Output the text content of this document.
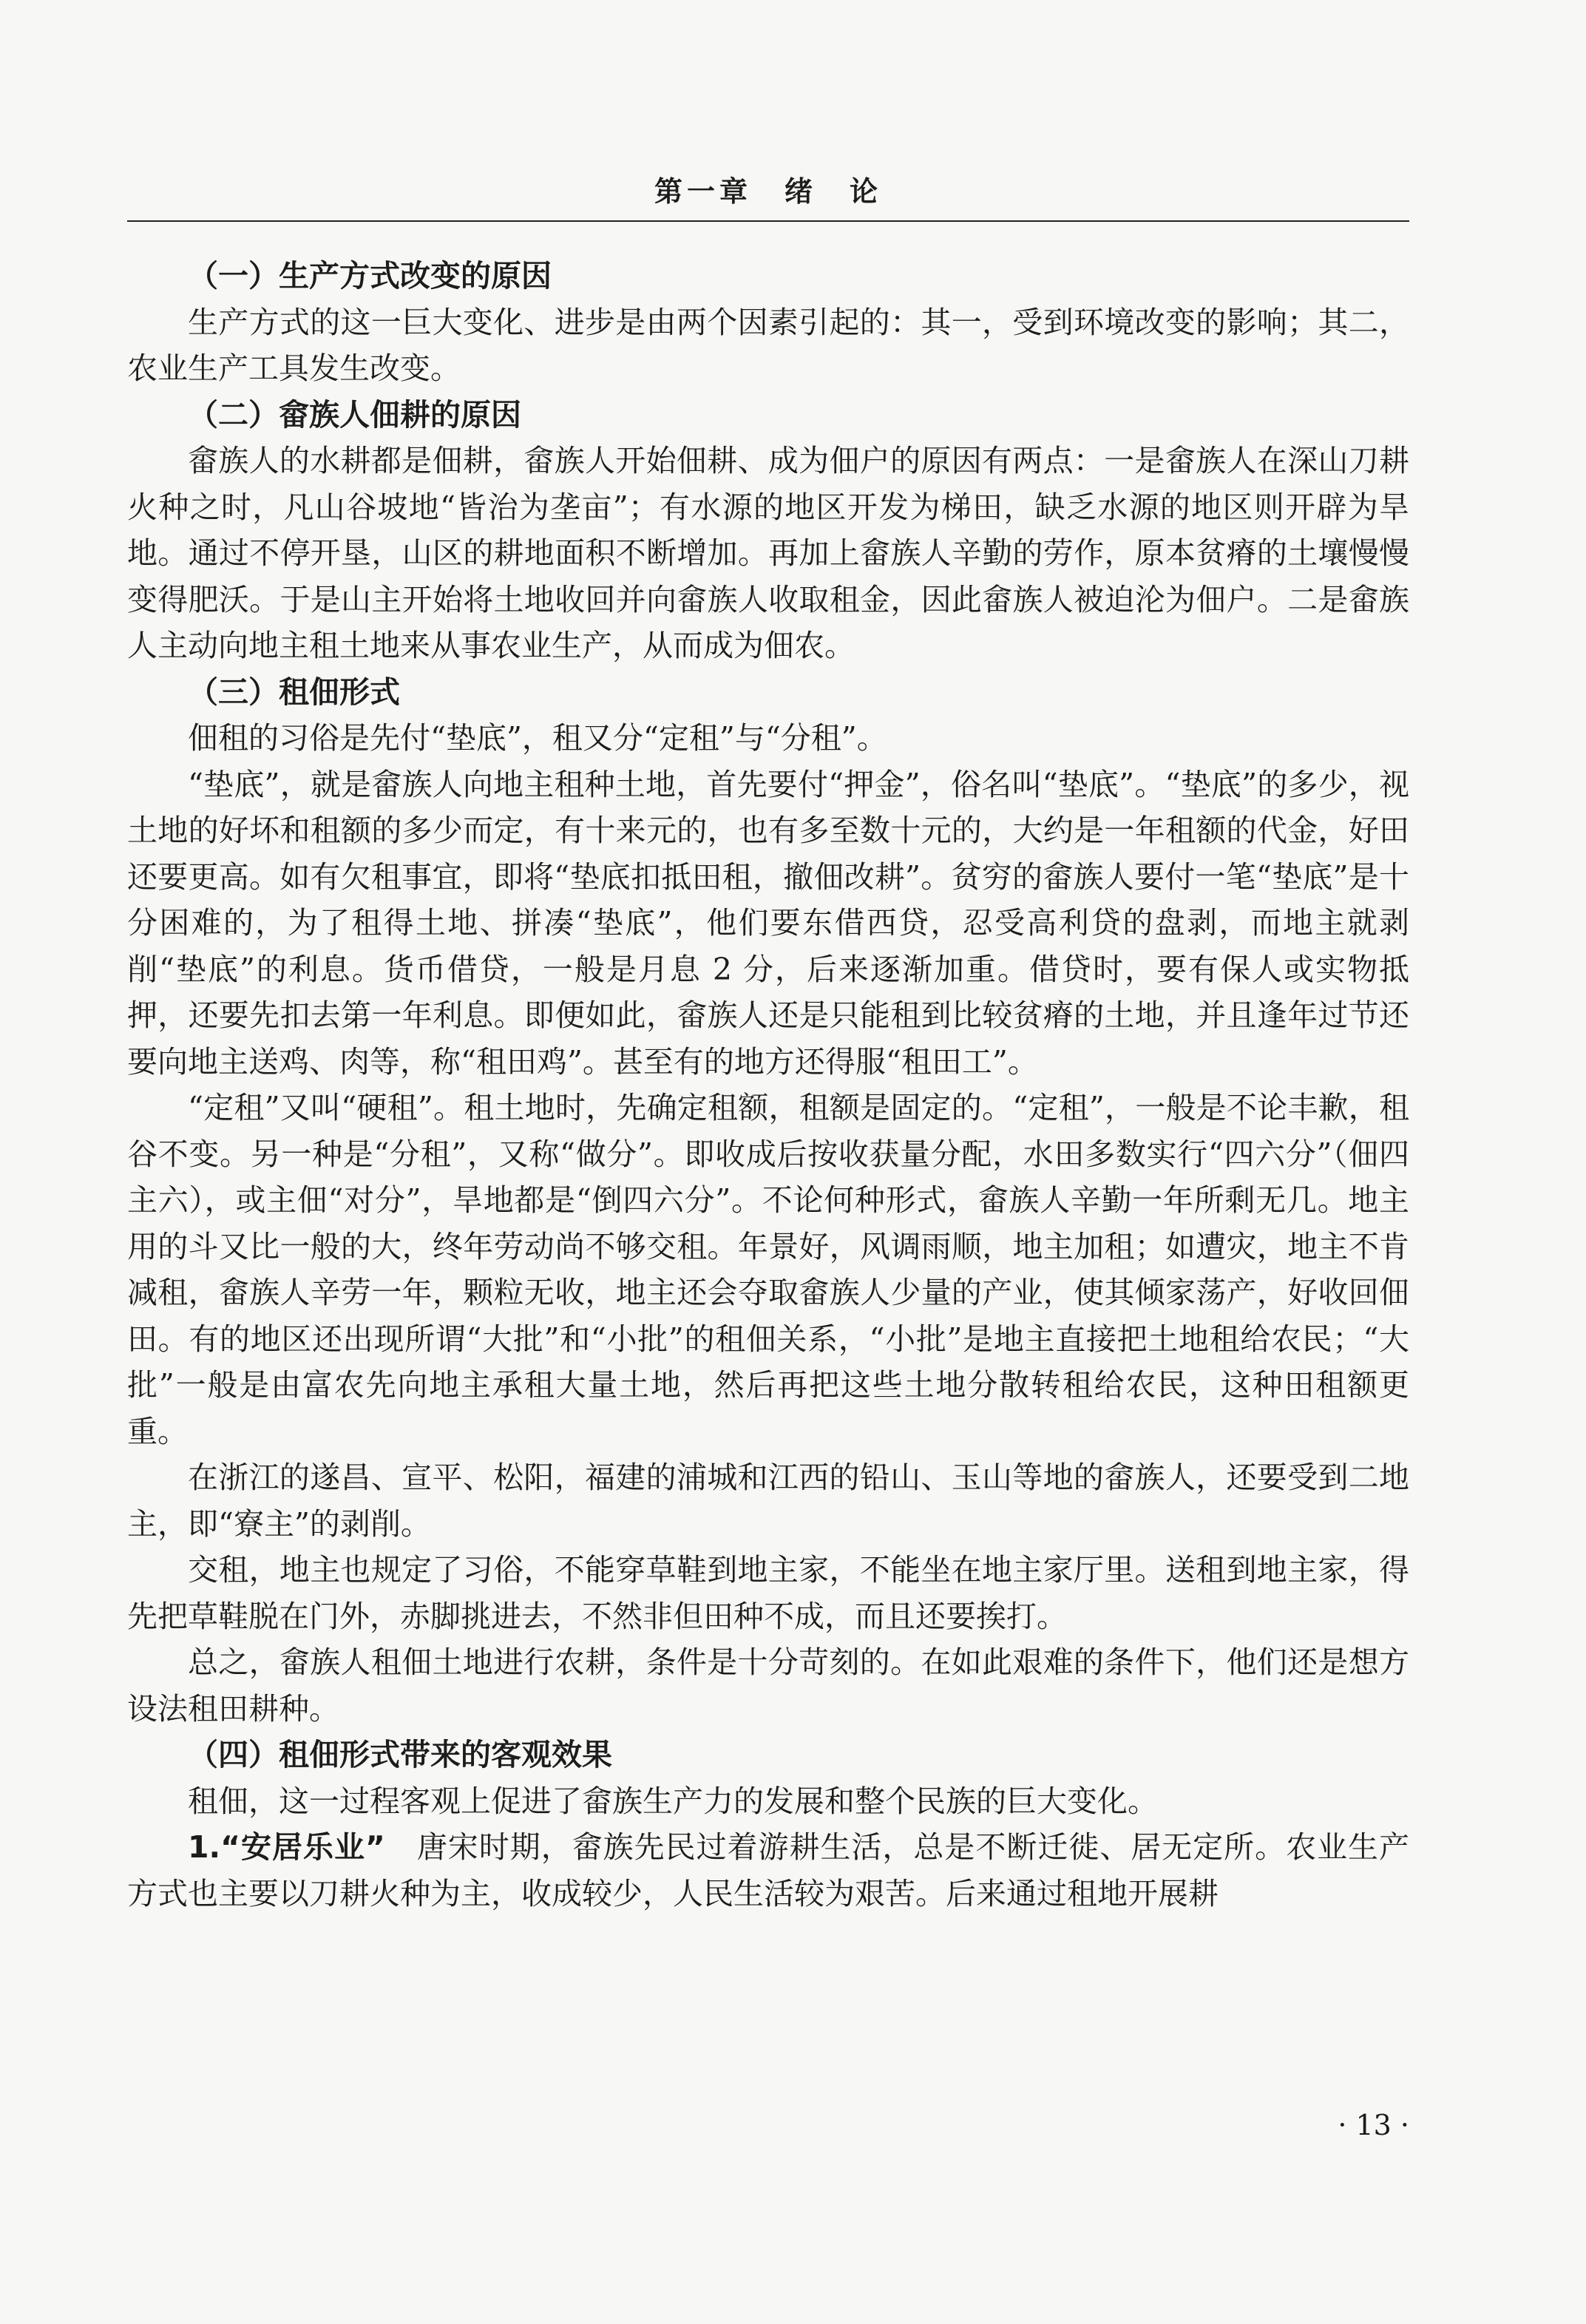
第一章 绪 论
（一）生产方式改变的原因

生产方式的这一巨大变化、进步是由两个因素引起的：其一，受到环境改变的影响；其二，农业生产工具发生改变。

（二）畲族人佃耕的原因

畲族人的水耕都是佃耕，畲族人开始佃耕、成为佃户的原因有两点：一是畲族人在深山刀耕火种之时，凡山谷坡地“皆治为垄亩”；有水源的地区开发为梯田，缺乏水源的地区则开辟为旱地。通过不停开垦，山区的耕地面积不断增加。再加上畲族人辛勤的劳作，原本贫瘠的土壤慢慢变得肥沃。于是山主开始将土地收回并向畲族人收取租金，因此畲族人被迫沦为佃户。二是畲族人主动向地主租土地来从事农业生产，从而成为佃农。

（三）租佃形式

佃租的习俗是先付“垫底”，租又分“定租”与“分租”。

“垫底”，就是畲族人向地主租种土地，首先要付“押金”，俗名叫“垫底”。“垫底”的多少，视土地的好坏和租额的多少而定，有十来元的，也有多至数十元的，大约是一年租额的代金，好田还要更高。如有欠租事宜，即将“垫底扣抵田租，撤佃改耕”。贫穷的畲族人要付一笔“垫底”是十分困难的，为了租得土地、拼凑“垫底”，他们要东借西贷，忍受高利贷的盘剥，而地主就剥削“垫底”的利息。货币借贷，一般是月息 2 分，后来逐渐加重。借贷时，要有保人或实物抵押，还要先扣去第一年利息。即便如此，畲族人还是只能租到比较贫瘠的土地，并且逢年过节还要向地主送鸡、肉等，称“租田鸡”。甚至有的地方还得服“租田工”。

“定租”又叫“硬租”。租土地时，先确定租额，租额是固定的。“定租”，一般是不论丰歉，租谷不变。另一种是“分租”，又称“做分”。即收成后按收获量分配，水田多数实行“四六分”（佃四主六），或主佃“对分”，旱地都是“倒四六分”。不论何种形式，畲族人辛勤一年所剩无几。地主用的斗又比一般的大，终年劳动尚不够交租。年景好，风调雨顺，地主加租；如遭灾，地主不肯减租，畲族人辛劳一年，颗粒无收，地主还会夺取畲族人少量的产业，使其倾家荡产，好收回佃田。有的地区还出现所谓“大批”和“小批”的租佃关系，“小批”是地主直接把土地租给农民；“大批”一般是由富农先向地主承租大量土地，然后再把这些土地分散转租给农民，这种田租额更重。

在浙江的遂昌、宣平、松阳，福建的浦城和江西的铅山、玉山等地的畲族人，还要受到二地主，即“寮主”的剥削。

交租，地主也规定了习俗，不能穿草鞋到地主家，不能坐在地主家厅里。送租到地主家，得先把草鞋脱在门外，赤脚挑进去，不然非但田种不成，而且还要挨打。

总之，畲族人租佃土地进行农耕，条件是十分苛刻的。在如此艰难的条件下，他们还是想方设法租田耕种。

（四）租佃形式带来的客观效果

租佃，这一过程客观上促进了畲族生产力的发展和整个民族的巨大变化。

1.“安居乐业”　唐宋时期，畲族先民过着游耕生活，总是不断迁徙、居无定所。农业生产方式也主要以刀耕火种为主，收成较少，人民生活较为艰苦。后来通过租地开展耕

· 13 ·
